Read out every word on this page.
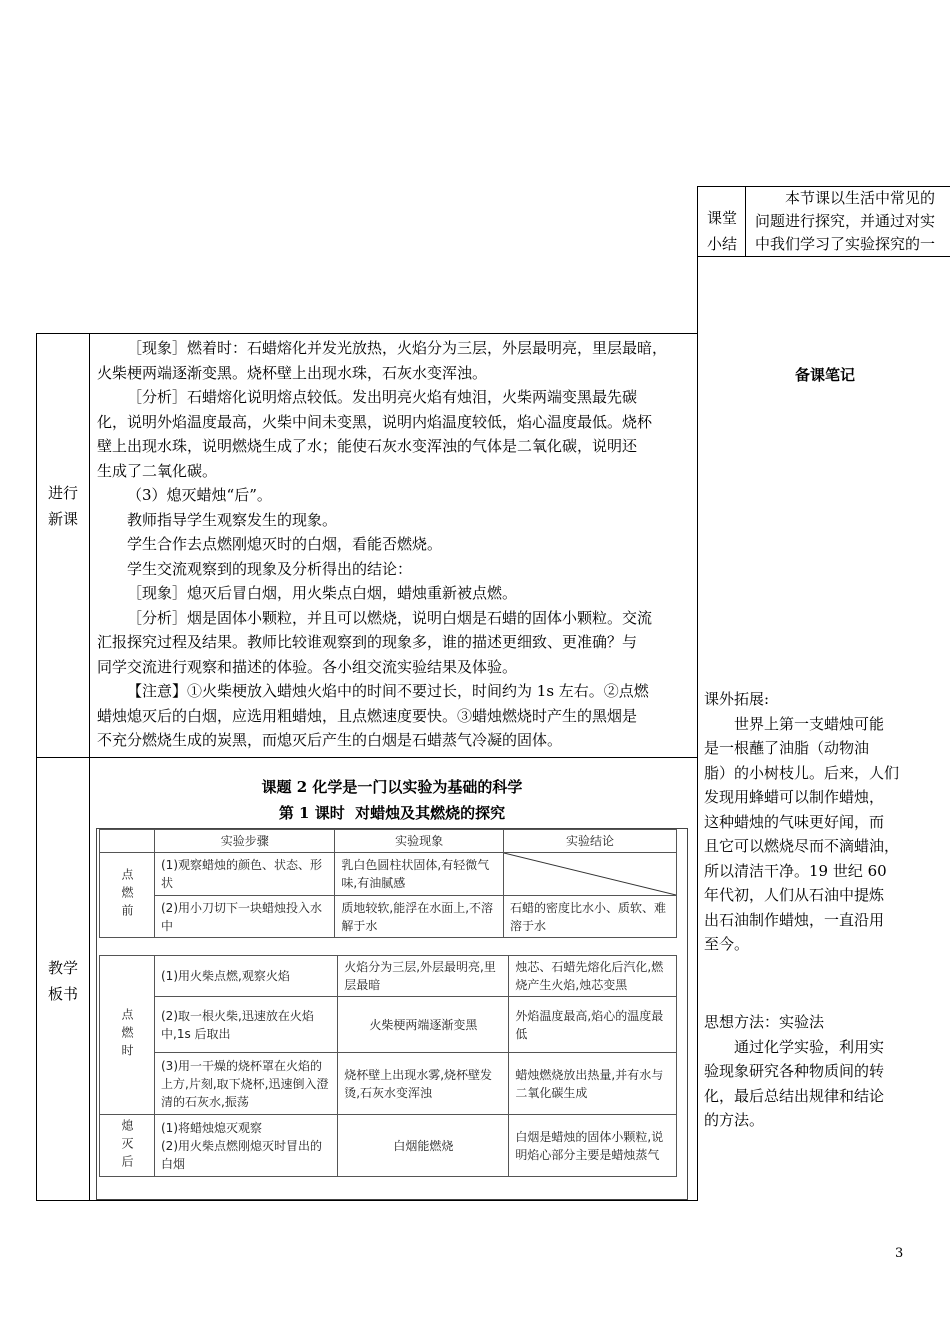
课堂
小结
本节课以生活中常见的
问题进行探究，并通过对实
中我们学习了实验探究的一
进行
新课

［现象］燃着时：石蜡熔化并发光放热，火焰分为三层，外层最明亮，里层最暗，

火柴梗两端逐渐变黑。烧杯壁上出现水珠，石灰水变浑浊。

［分析］石蜡熔化说明熔点较低。发出明亮火焰有烛泪，火柴两端变黑最先碳

化，说明外焰温度最高，火柴中间未变黑，说明内焰温度较低，焰心温度最低。烧杯

壁上出现水珠，说明燃烧生成了水；能使石灰水变浑浊的气体是二氧化碳，说明还

生成了二氧化碳。

（3）熄灭蜡烛“后”。

教师指导学生观察发生的现象。

学生合作去点燃刚熄灭时的白烟，看能否燃烧。

学生交流观察到的现象及分析得出的结论：

［现象］熄灭后冒白烟，用火柴点白烟，蜡烛重新被点燃。

［分析］烟是固体小颗粒，并且可以燃烧，说明白烟是石蜡的固体小颗粒。交流

汇报探究过程及结果。教师比较谁观察到的现象多，谁的描述更细致、更准确？与

同学交流进行观察和描述的体验。各小组交流实验结果及体验。

【注意】①火柴梗放入蜡烛火焰中的时间不要过长，时间约为 1s 左右。②点燃

蜡烛熄灭后的白烟，应选用粗蜡烛，且点燃速度要快。③蜡烛燃烧时产生的黑烟是

不充分燃烧生成的炭黑，而熄灭后产生的白烟是石蜡蒸气冷凝的固体。

教学
板书
课题 2 化学是一门以实验为基础的科学
第 1 课时  对蜡烛及其燃烧的探究
	实验步骤	实验现象	实验结论

点燃前	(1)观察蜡烛的颜色、状态、形状	乳白色圆柱状固体,有轻微气味,有油腻感	

	(2)用小刀切下一块蜡烛投入水中	质地较软,能浮在水面上,不溶解于水	石蜡的密度比水小、质软、难溶于水
点燃时	(1)用火柴点燃,观察火焰	火焰分为三层,外层最明亮,里层最暗	烛芯、石蜡先熔化后汽化,燃烧产生火焰,烛芯变黑
	(2)取一根火柴,迅速放在火焰中,1s 后取出	火柴梗两端逐渐变黑	外焰温度最高,焰心的温度最低
	(3)用一干燥的烧杯罩在火焰的上方,片刻,取下烧杯,迅速倒入澄清的石灰水,振荡	烧杯壁上出现水雾,烧杯壁发烫,石灰水变浑浊	蜡烛燃烧放出热量,并有水与二氧化碳生成

熄灭后	(1)将蜡烛熄灭观察
(2)用火柴点燃刚熄灭时冒出的白烟	白烟能燃烧	白烟是蜡烛的固体小颗粒,说明焰心部分主要是蜡烛蒸气
备课笔记
课外拓展:
世界上第一支蜡烛可能
是一根蘸了油脂（动物油
脂）的小树枝儿。后来，人们
发现用蜂蜡可以制作蜡烛，
这种蜡烛的气味更好闻，而
且它可以燃烧尽而不滴蜡油，
所以清洁干净。19 世纪 60
年代初，人们从石油中提炼
出石油制作蜡烛，一直沿用
至今。
思想方法：实验法
通过化学实验，利用实
验现象研究各种物质间的转
化，最后总结出规律和结论
的方法。
3
